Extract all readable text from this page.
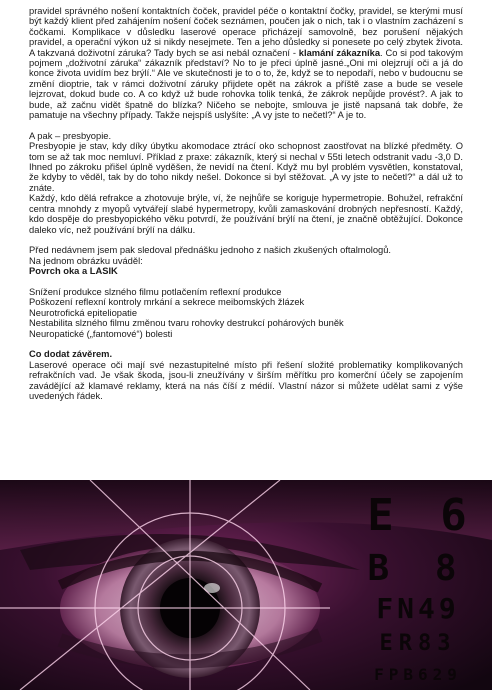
pravidel správného nošení kontaktních čoček, pravidel péče o kontaktní čočky, pravidel, se kterými musí být každý klient před zahájením nošení čoček seznámen, poučen jak o nich, tak i o vlastním zacházení s čočkami. Komplikace v důsledku laserové operace přicházejí samovolně, bez porušení nějakých pravidel, a operační výkon už si nikdy nesejmete. Ten a jeho důsledky si ponesete po celý zbytek života. A takzvaná doživotní záruka? Tady bych se asi nebál označení - klamání zákazníka. Co si pod takovým pojmem „doživotní záruka“ zákazník představí? No to je přeci úplně jasné.„Oni mi olejzrují oči a já do konce života uvidím bez brýlí.“ Ale ve skutečnosti je to o to, že, když se to nepodaří, nebo v budoucnu se změní dioptrie, tak v rámci doživotní záruky přijdete opět na zákrok a příště zase a bude se vesele lejzrovat, dokud bude co. A co když už bude rohovka tolik tenká, že zákrok nepůjde provést?. A jak to bude, až začnu vidět špatně do blízka? Ničeho se nebojte, smlouva je jistě napsaná tak dobře, že pamatuje na všechny případy. Takže nejspíš uslyšíte: „A vy jste to nečetl?“ A je to.

A pak – presbyopie.

Presbyopie je stav, kdy díky úbytku akomodace ztrácí oko schopnost zaostřovat na blízké předměty. O tom se až tak moc nemluví. Příklad z praxe: zákazník, který si nechal v 55ti letech odstranit vadu -3,0 D. Ihned po zákroku přišel úplně vyděšen, že nevidí na čtení. Když mu byl problém vysvětlen, konstatoval, že kdyby to věděl, tak by do toho nikdy nešel. Dokonce si byl stěžovat. „A vy jste to nečetl?“ a dál už to znáte.

Každý, kdo dělá refrakce a zhotovuje brýle, ví, že nejhůře se koriguje hypermetropie. Bohužel, refrakční centra mnohdy z myopů vytvářejí slabé hypermetropy, kvůli zamaskování drobných nepřesností. Každý, kdo dospěje do presbyopického věku potvrdí, že používání brýlí na čtení, je značně obtěžující. Dokonce daleko víc, než používání brýlí na dálku.

Před nedávnem jsem pak sledoval přednášku jednoho z našich zkušených oftalmologů.

Na jednom obrázku uváděl:

Povrch oka a LASIK

Snížení produkce slzného filmu potlačením reflexní produkce

Poškození reflexní kontroly mrkání a sekrece meibomských žlázek

Neurotrofická epiteliopatie

Nestabilita slzného filmu změnou tvaru rohovky destrukcí pohárových buněk

Neuropatické („fantomové“) bolesti

Co dodat závěrem.

Laserové operace oči mají své nezastupitelné místo při řešení složité problematiky komplikovaných refrakčních vad. Je však škoda, jsou-li zneužívány v širším měřítku pro komerční účely se zapojením zavádějící až klamavé reklamy, která na nás číší z médií. Vlastní názor si můžete udělat sami z výše uvedených řádek.

E 6
B 8
FN49
ER83
FPB629
